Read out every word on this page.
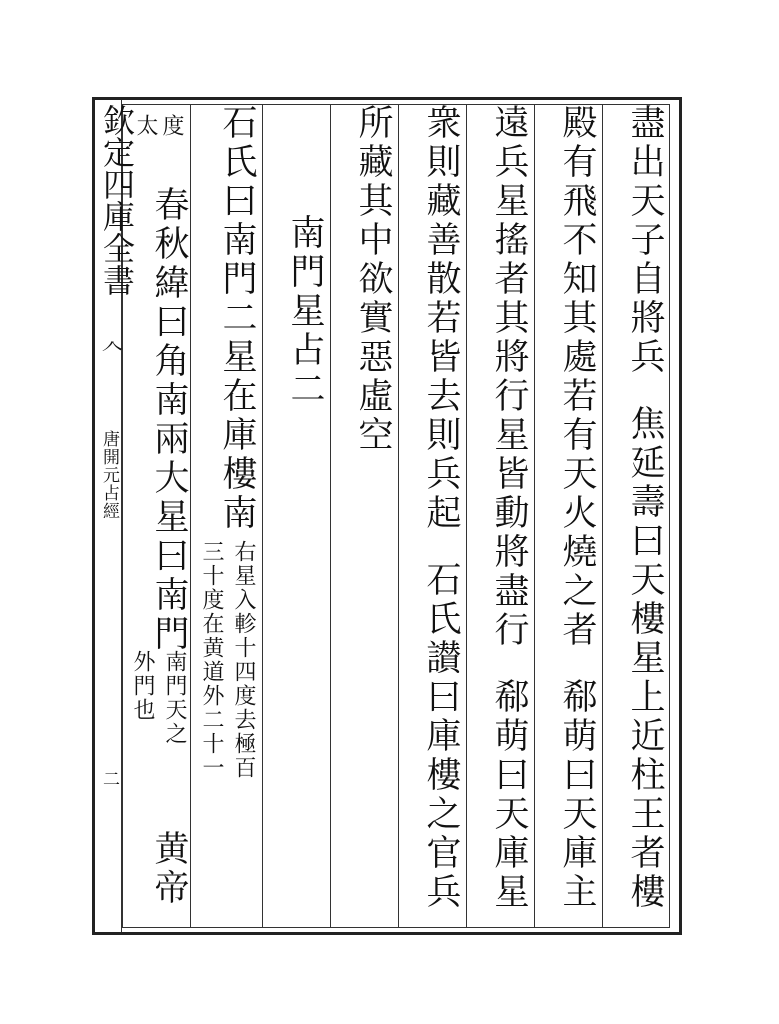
欽定四庫全書
𠆢
唐開元占經
二
盡出天子自將兵焦延壽曰天樓星上近柱王者樓
殿有飛不知其處若有天火燒之者郗萌曰天庫主
遠兵星搖者其將行星皆動將盡行郗萌曰天庫星
衆則藏善散若皆去則兵起石氏讃曰庫樓之官兵
所藏其中欲實惡虛空
南門星占二
石氏曰南門二星在庫樓南
右星入軫十四度去極百
三十度在黄道外二十一
度
太
春秋緯曰角南兩大星曰南門
南門天之
外門也
黄帝
